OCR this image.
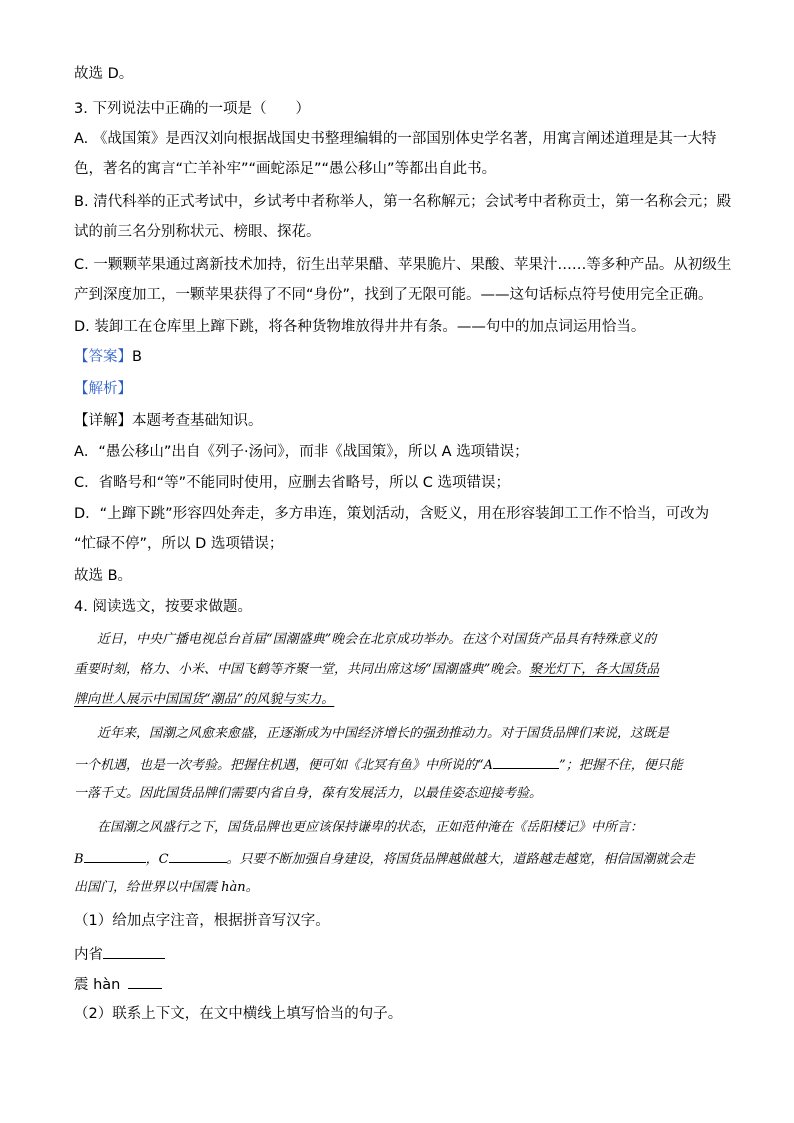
故选 D。
3. 下列说法中正确的一项是（　　）
A. 《战国策》是西汉刘向根据战国史书整理编辑的一部国别体史学名著，用寓言阐述道理是其一大特
色，著名的寓言“亡羊补牢”“画蛇添足”“愚公移山”等都出自此书。
B. 清代科举的正式考试中，乡试考中者称举人，第一名称解元；会试考中者称贡士，第一名称会元；殿
试的前三名分别称状元、榜眼、探花。
C. 一颗颗苹果通过离新技术加持，衍生出苹果醋、苹果脆片、果酸、苹果汁……等多种产品。从初级生
产到深度加工，一颗苹果获得了不同“身份”，找到了无限可能。——这句话标点符号使用完全正确。
D. 装卸工在仓库里上蹿下跳，将各种货物堆放得井井有条。——句中的加点词运用恰当。
【答案】B
【解析】
【详解】本题考查基础知识。
A．“愚公移山”出自《列子·汤问》，而非《战国策》，所以 A 选项错误；
C．省略号和“等”不能同时使用，应删去省略号，所以 C 选项错误；
D．“上蹿下跳”形容四处奔走，多方串连，策划活动，含贬义，用在形容装卸工工作不恰当，可改为
“忙碌不停”，所以 D 选项错误；
故选 B。
4. 阅读选文，按要求做题。
近日，中央广播电视总台首届“国潮盛典”晚会在北京成功举办。在这个对国货产品具有特殊意义的
重要时刻，格力、小米、中国飞鹤等齐聚一堂，共同出席这场“国潮盛典”晚会。聚光灯下，各大国货品
牌向世人展示中国国货“潮品”的风貌与实力。
近年来，国潮之风愈来愈盛，正逐渐成为中国经济增长的强劲推动力。对于国货品牌们来说，这既是
一个机遇，也是一次考验。把握住机遇，便可如《北冥有鱼》中所说的“A	”；把握不住，便只能
一落千丈。因此国货品牌们需要内省自身，葆有发展活力，以最佳姿态迎接考验。
在国潮之风盛行之下，国货品牌也更应该保持谦卑的状态，正如范仲淹在《岳阳楼记》中所言：
B	，C	。只要不断加强自身建设，将国货品牌越做越大，道路越走越宽，相信国潮就会走
出国门，给世界以中国震 hàn。
（1）给加点字注音，根据拼音写汉字。
内省
震 hàn
（2）联系上下文，在文中横线上填写恰当的句子。
